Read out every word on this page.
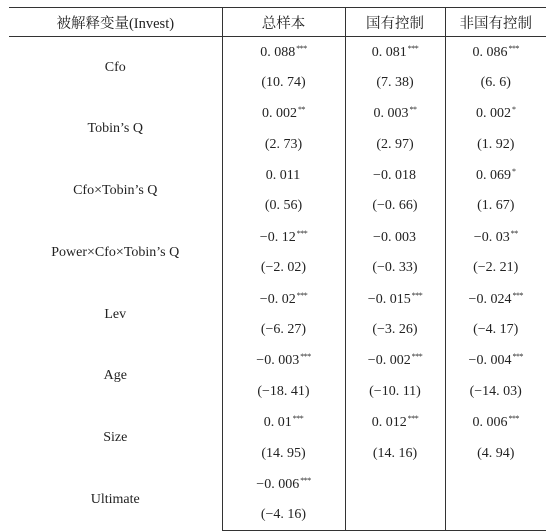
被解释变量(Invest)	总样本	国有控制	非国有控制
Cfo	0. 088***	0. 081***	0. 086***
	(10. 74)	(7. 38)	(6. 6)
Tobin’s Q	0. 002**	0. 003**	0. 002*
	(2. 73)	(2. 97)	(1. 92)
Cfo×Tobin’s Q	0. 011	−0. 018	0. 069*
	(0. 56)	(−0. 66)	(1. 67)
Power×Cfo×Tobin’s Q	−0. 12***	−0. 003	−0. 03**
	(−2. 02)	(−0. 33)	(−2. 21)
Lev	−0. 02***	−0. 015***	−0. 024***
	(−6. 27)	(−3. 26)	(−4. 17)
Age	−0. 003***	−0. 002***	−0. 004***
	(−18. 41)	(−10. 11)	(−14. 03)
Size	0. 01***	0. 012***	0. 006***
	(14. 95)	(14. 16)	(4. 94)
Ultimate	−0. 006***		
	(−4. 16)		
